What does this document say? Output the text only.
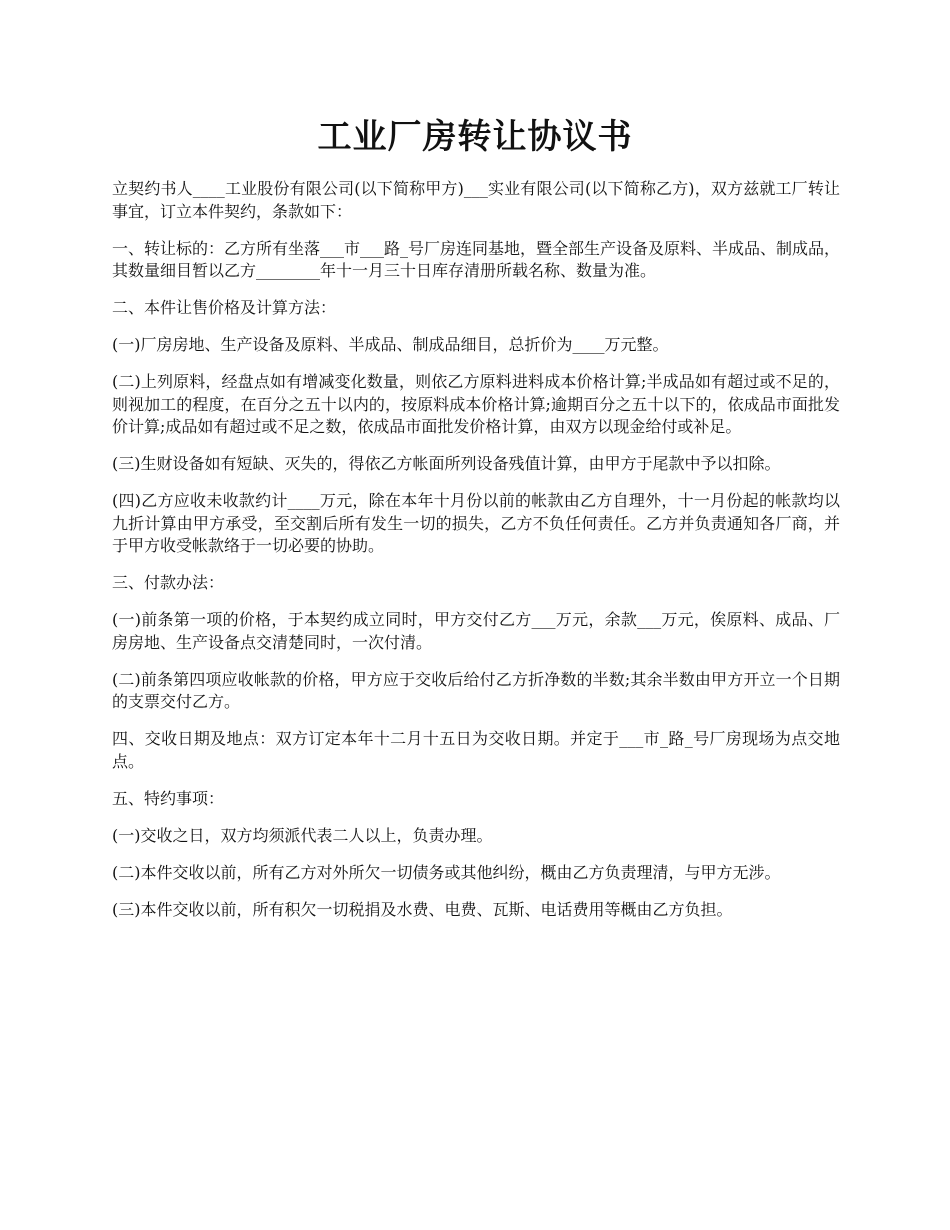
工业厂房转让协议书

立契约书人____工业股份有限公司(以下简称甲方)___实业有限公司(以下简称乙方)，双方兹就工厂转让事宜，订立本件契约，条款如下：

一、转让标的：乙方所有坐落___市___路_号厂房连同基地，暨全部生产设备及原料、半成品、制成品，其数量细目暂以乙方________年十一月三十日库存清册所载名称、数量为准。

二、本件让售价格及计算方法：

(一)厂房房地、生产设备及原料、半成品、制成品细目，总折价为____万元整。

(二)上列原料，经盘点如有增减变化数量，则依乙方原料进料成本价格计算;半成品如有超过或不足的，则视加工的程度，在百分之五十以内的，按原料成本价格计算;逾期百分之五十以下的，依成品市面批发价计算;成品如有超过或不足之数，依成品市面批发价格计算，由双方以现金给付或补足。

(三)生财设备如有短缺、灭失的，得依乙方帐面所列设备残值计算，由甲方于尾款中予以扣除。

(四)乙方应收未收款约计____万元，除在本年十月份以前的帐款由乙方自理外，十一月份起的帐款均以九折计算由甲方承受，至交割后所有发生一切的损失，乙方不负任何责任。乙方并负责通知各厂商，并于甲方收受帐款络于一切必要的协助。

三、付款办法：

(一)前条第一项的价格，于本契约成立同时，甲方交付乙方___万元，余款___万元，俟原料、成品、厂房房地、生产设备点交清楚同时，一次付清。

(二)前条第四项应收帐款的价格，甲方应于交收后给付乙方折净数的半数;其余半数由甲方开立一个日期的支票交付乙方。

四、交收日期及地点：双方订定本年十二月十五日为交收日期。并定于___市_路_号厂房现场为点交地点。

五、特约事项：

(一)交收之日，双方均须派代表二人以上，负责办理。

(二)本件交收以前，所有乙方对外所欠一切债务或其他纠纷，概由乙方负责理清，与甲方无涉。

(三)本件交收以前，所有积欠一切税捐及水费、电费、瓦斯、电话费用等概由乙方负担。
